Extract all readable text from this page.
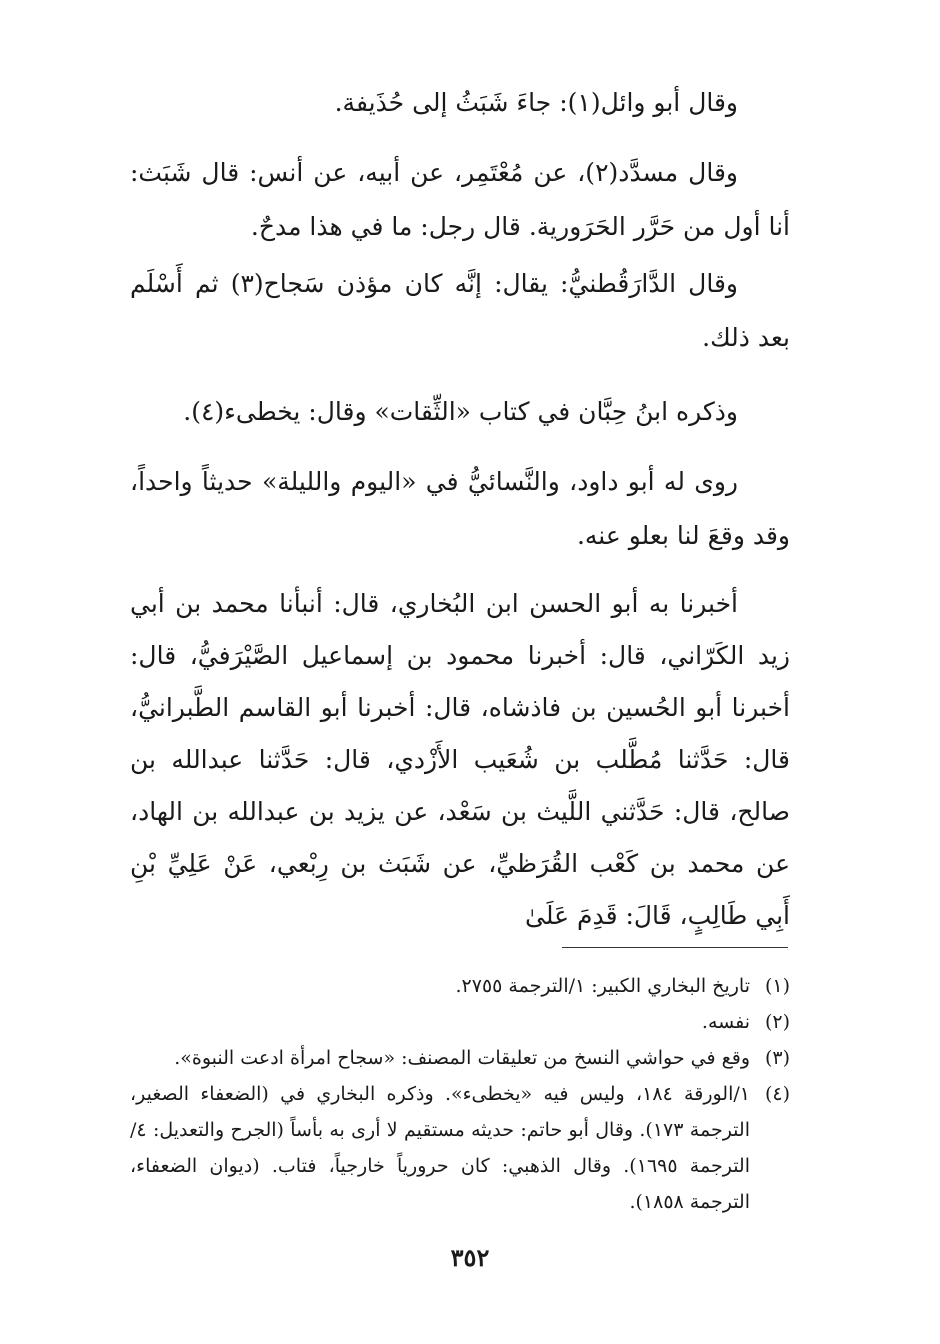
وقال أبو وائل(١): جاءَ شَبَثُ إلى حُذَيفة.

وقال مسدَّد(٢)، عن مُعْتَمِر، عن أبيه، عن أنس: قال شَبَث: أنا أول من حَرَّر الحَرَورية. قال رجل: ما في هذا مدحٌ.

وقال الدَّارَقُطنيُّ: يقال: إنَّه كان مؤذن سَجاح(٣) ثم أَسْلَم بعد ذلك.

وذكره ابنُ حِبَّان في كتاب «الثِّقات» وقال: يخطىء(٤).

روى له أبو داود، والنَّسائيُّ في «اليوم والليلة» حديثاً واحداً، وقد وقعَ لنا بعلو عنه.

أخبرنا به أبو الحسن ابن البُخاري، قال: أنبأنا محمد بن أبي زيد الكَرّاني، قال: أخبرنا محمود بن إسماعيل الصَّيْرَفيُّ، قال: أخبرنا أبو الحُسين بن فاذشاه، قال: أخبرنا أبو القاسم الطَّبرانيُّ، قال: حَدَّثنا مُطَّلب بن شُعَيب الأَزْدي، قال: حَدَّثنا عبدالله بن صالح، قال: حَدَّثني اللَّيث بن سَعْد، عن يزيد بن عبدالله بن الهاد، عن محمد بن كَعْب القُرَظيِّ، عن شَبَث بن رِبْعي، عَنْ عَلِيِّ بْنِ أَبِي طَالِبٍ، قَالَ: قَدِمَ عَلَىٰ

(١)
تاريخ البخاري الكبير: ١/الترجمة ٢٧٥٥.
(٢)
نفسه.
(٣)
وقع في حواشي النسخ من تعليقات المصنف: «سجاح امرأة ادعت النبوة».
(٤)
١/الورقة ١٨٤، وليس فيه «يخطىء». وذكره البخاري في (الضعفاء الصغير، الترجمة ١٧٣). وقال أبو حاتم: حديثه مستقيم لا أرى به بأساً (الجرح والتعديل: ٤/الترجمة ١٦٩٥). وقال الذهبي: كان حرورياً خارجياً، فتاب. (ديوان الضعفاء، الترجمة ١٨٥٨).
٣٥٢
